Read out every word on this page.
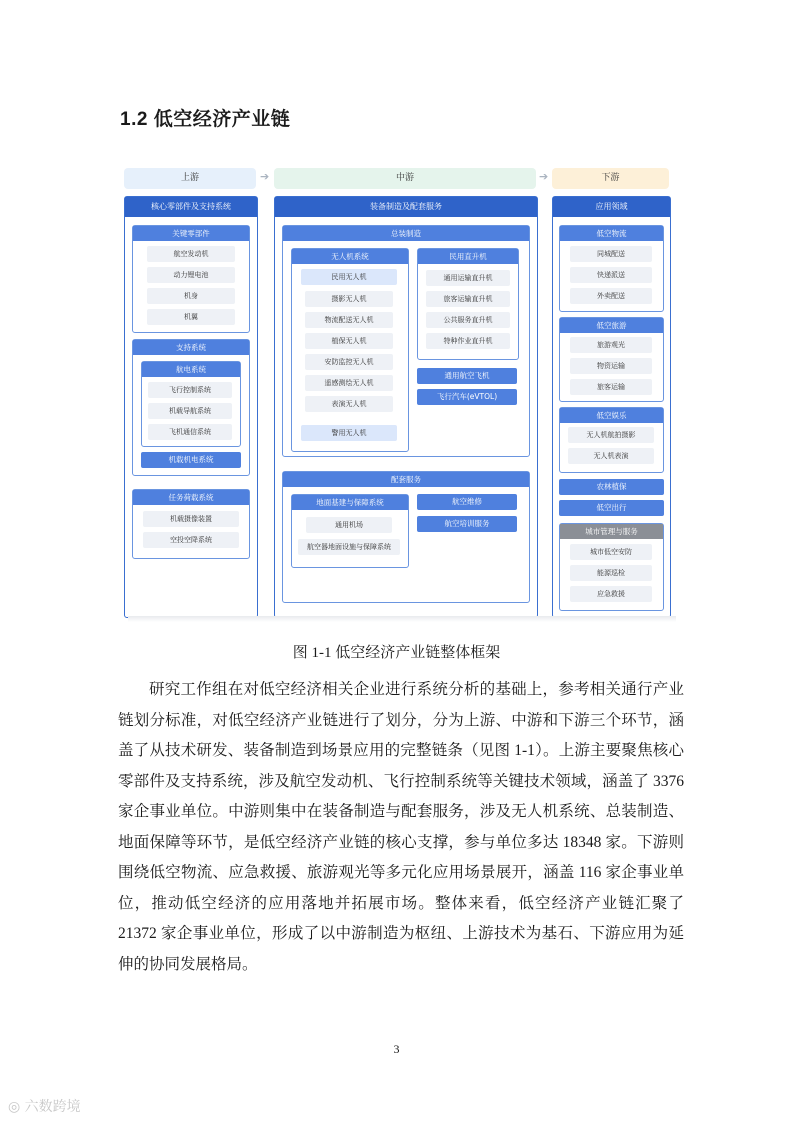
1.2 低空经济产业链
上游	➔	中游	➔	下游
核心零部件及支持系统
关键零部件
航空发动机
动力锂电池
机身
机翼
支持系统
航电系统
飞行控制系统
机载导航系统
飞机通信系统
机载机电系统
任务荷载系统
机载摄像装置
空投空降系统
装备制造及配套服务
总装制造
无人机系统
民用无人机
摄影无人机
物流配送无人机
植保无人机
安防监控无人机
遥感测绘无人机
表演无人机
警用无人机
民用直升机
通用运输直升机
旅客运输直升机
公共服务直升机
特种作业直升机
通用航空飞机
飞行汽车(eVTOL)
配套服务
地面基建与保障系统
通用机场
航空器地面设施与保障系统
航空维修
航空培训服务
应用领域
低空物流
同城配送
快递派送
外卖配送
低空旅游
旅游观光
物资运输
旅客运输
低空娱乐
无人机航拍摄影
无人机表演
农林植保
低空出行
城市管理与服务
城市低空安防
能源巡检
应急救援
图 1-1 低空经济产业链整体框架
研究工作组在对低空经济相关企业进行系统分析的基础上，参考相关通行产业链划分标准，对低空经济产业链进行了划分，分为上游、中游和下游三个环节，涵盖了从技术研发、装备制造到场景应用的完整链条（见图 1-1）。上游主要聚焦核心零部件及支持系统，涉及航空发动机、飞行控制系统等关键技术领域，涵盖了 3376 家企事业单位。中游则集中在装备制造与配套服务，涉及无人机系统、总装制造、地面保障等环节，是低空经济产业链的核心支撑，参与单位多达 18348 家。下游则围绕低空物流、应急救援、旅游观光等多元化应用场景展开，涵盖 116 家企事业单位，推动低空经济的应用落地并拓展市场。整体来看，低空经济产业链汇聚了 21372 家企事业单位，形成了以中游制造为枢纽、上游技术为基石、下游应用为延伸的协同发展格局。
3
◎ 六数跨境
